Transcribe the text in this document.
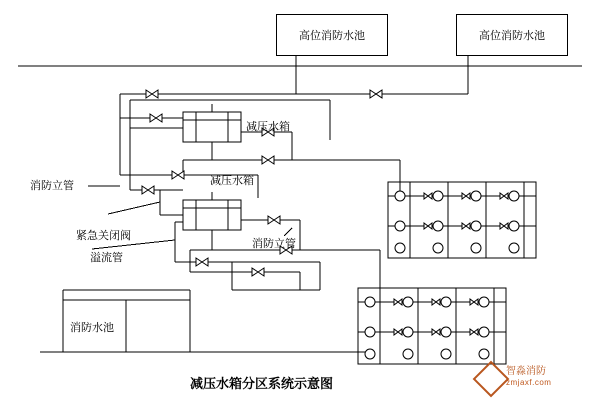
高位消防水池	高位消防水池
减压水箱
减压水箱
消防立管
紧急关闭阀
溢流管
消防立管
消防水池
减压水箱分区系统示意图
智淼消防
zmjaxf.com
